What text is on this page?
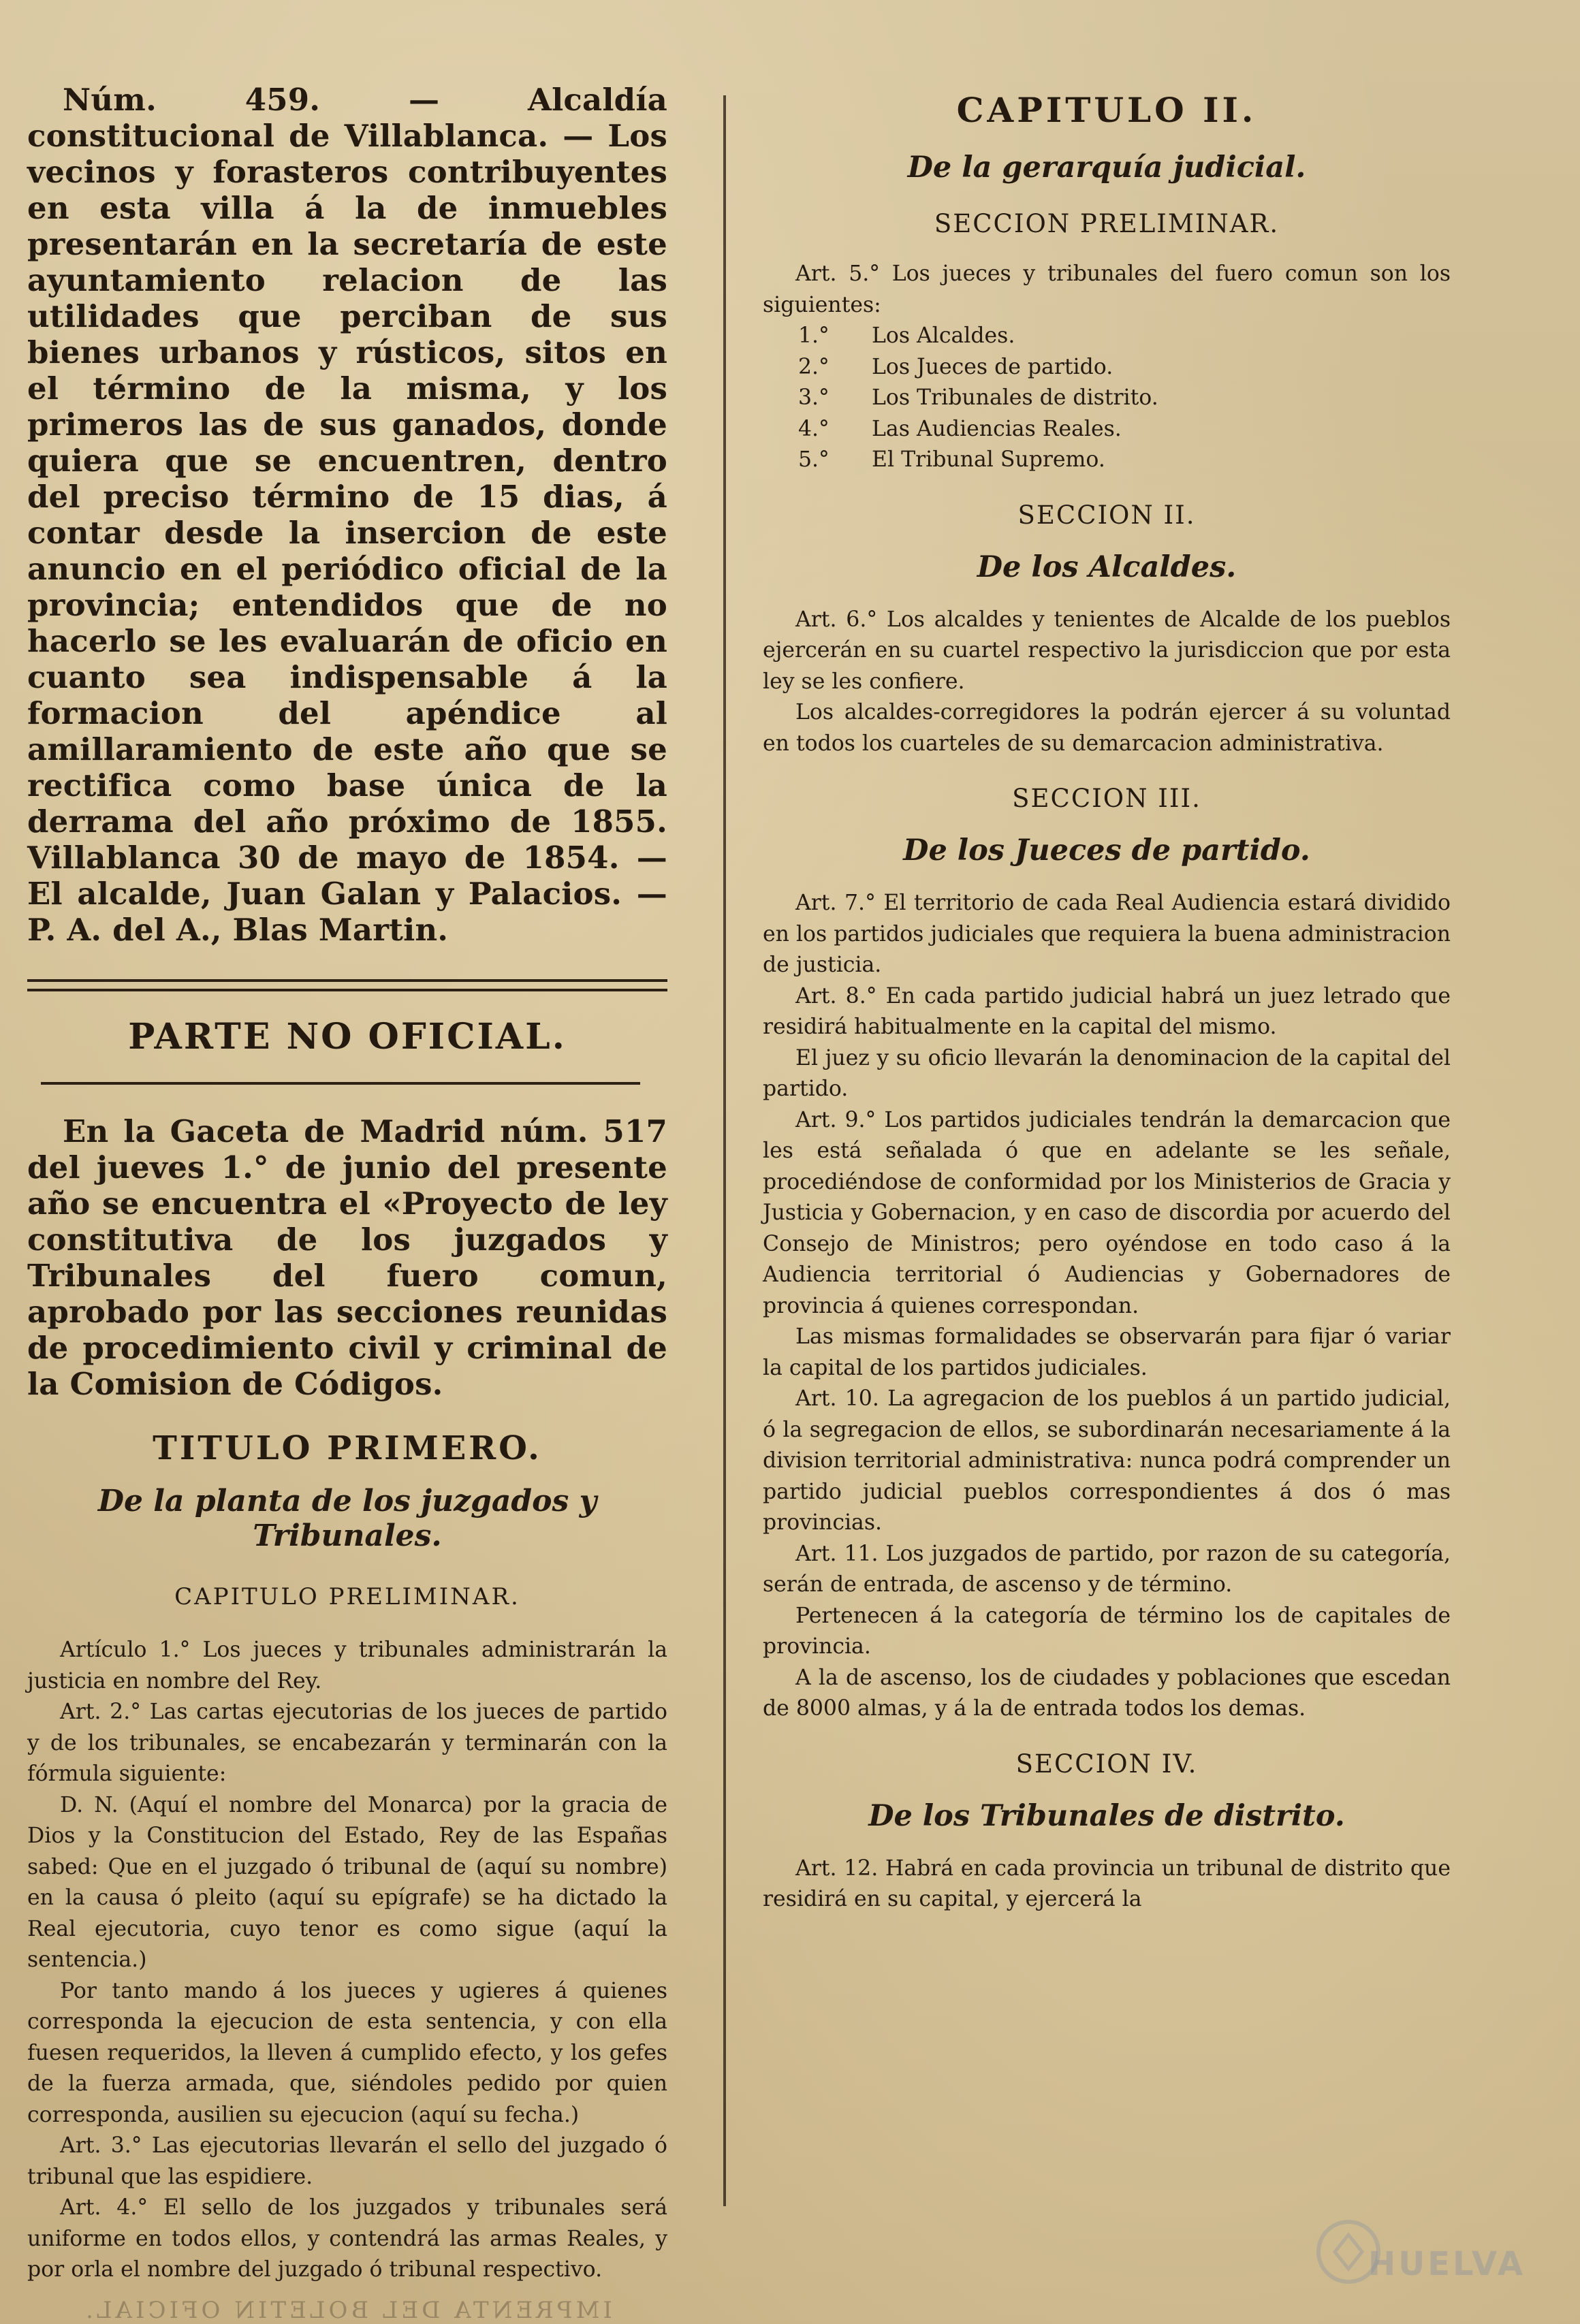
Núm. 459. — Alcaldía constitucional de Villablanca. — Los vecinos y forasteros contribuyentes en esta villa á la de inmuebles presentarán en la secretaría de este ayuntamiento relacion de las utilidades que perciban de sus bienes urbanos y rústicos, sitos en el término de la misma, y los primeros las de sus ganados, donde quiera que se encuentren, dentro del preciso término de 15 dias, á contar desde la insercion de este anuncio en el periódico oficial de la provincia; entendidos que de no hacerlo se les evaluarán de oficio en cuanto sea indispensable á la formacion del apéndice al amillaramiento de este año que se rectifica como base única de la derrama del año próximo de 1855. Villablanca 30 de mayo de 1854. — El alcalde, Juan Galan y Palacios. — P. A. del A., Blas Martin.

PARTE NO OFICIAL.

En la Gaceta de Madrid núm. 517 del jueves 1.° de junio del presente año se encuentra el «Proyecto de ley constitutiva de los juzgados y Tribunales del fuero comun, aprobado por las secciones reunidas de procedimiento civil y criminal de la Comision de Códigos.

TITULO PRIMERO.
De la planta de los juzgados y Tribunales.
CAPITULO PRELIMINAR.

Artículo 1.° Los jueces y tribunales administrarán la justicia en nombre del Rey.

Art. 2.° Las cartas ejecutorias de los jueces de partido y de los tribunales, se encabezarán y terminarán con la fórmula siguiente:

D. N. (Aquí el nombre del Monarca) por la gracia de Dios y la Constitucion del Estado, Rey de las Españas sabed: Que en el juzgado ó tribunal de (aquí su nombre) en la causa ó pleito (aquí su epígrafe) se ha dictado la Real ejecutoria, cuyo tenor es como sigue (aquí la sentencia.)

Por tanto mando á los jueces y ugieres á quienes corresponda la ejecucion de esta sentencia, y con ella fuesen requeridos, la lleven á cumplido efecto, y los gefes de la fuerza armada, que, siéndoles pedido por quien corresponda, ausilien su ejecucion (aquí su fecha.)

Art. 3.° Las ejecutorias llevarán el sello del juzgado ó tribunal que las espidiere.

Art. 4.° El sello de los juzgados y tribunales será uniforme en todos ellos, y contendrá las armas Reales, y por orla el nombre del juzgado ó tribunal respectivo.

IMPRENTA DEL BOLETIN OFICIAL.
CAPITULO II.
De la gerarquía judicial.
SECCION PRELIMINAR.

Art. 5.° Los jueces y tribunales del fuero comun son los siguientes:

1.°	Los Alcaldes.
2.°	Los Jueces de partido.
3.°	Los Tribunales de distrito.
4.°	Las Audiencias Reales.
5.°	El Tribunal Supremo.
SECCION II.
De los Alcaldes.

Art. 6.° Los alcaldes y tenientes de Alcalde de los pueblos ejercerán en su cuartel respectivo la jurisdiccion que por esta ley se les confiere.

Los alcaldes-corregidores la podrán ejercer á su voluntad en todos los cuarteles de su demarcacion administrativa.

SECCION III.
De los Jueces de partido.

Art. 7.° El territorio de cada Real Audiencia estará dividido en los partidos judiciales que requiera la buena administracion de justicia.

Art. 8.° En cada partido judicial habrá un juez letrado que residirá habitualmente en la capital del mismo.

El juez y su oficio llevarán la denominacion de la capital del partido.

Art. 9.° Los partidos judiciales tendrán la demarcacion que les está señalada ó que en adelante se les señale, procediéndose de conformidad por los Ministerios de Gracia y Justicia y Gobernacion, y en caso de discordia por acuerdo del Consejo de Ministros; pero oyéndose en todo caso á la Audiencia territorial ó Audiencias y Gobernadores de provincia á quienes correspondan.

Las mismas formalidades se observarán para fijar ó variar la capital de los partidos judiciales.

Art. 10. La agregacion de los pueblos á un partido judicial, ó la segregacion de ellos, se subordinarán necesariamente á la division territorial administrativa: nunca podrá comprender un partido judicial pueblos correspondientes á dos ó mas provincias.

Art. 11. Los juzgados de partido, por razon de su categoría, serán de entrada, de ascenso y de término.

Pertenecen á la categoría de término los de capitales de provincia.

A la de ascenso, los de ciudades y poblaciones que escedan de 8000 almas, y á la de entrada todos los demas.

SECCION IV.
De los Tribunales de distrito.

Art. 12. Habrá en cada provincia un tribunal de distrito que residirá en su capital, y ejercerá la

HUELVA
